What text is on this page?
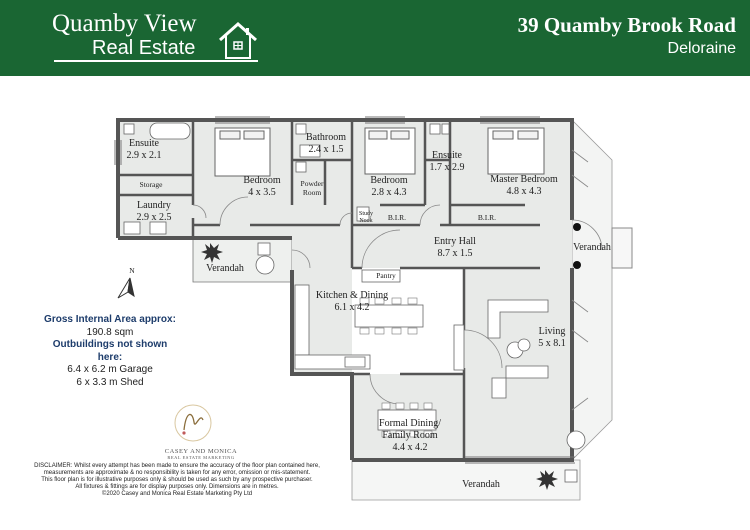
Quamby View
Real Estate
39 Quamby Brook Road
Deloraine
Ensuite
2.9 x 2.1
Bedroom
4 x 3.5
Bathroom
2.4 x 1.5
Powder
Room
Storage
Laundry
2.9 x 2.5
Bedroom
2.8 x 4.3
Study
Nook B.I.R.
Ensuite
1.7 x 2.9
Master Bedroom
4.8 x 4.3
B.I.R.
Entry Hall
8.7 x 1.5
Verandah
Verandah
Pantry
Kitchen & Dining
6.1 x 4.2
Living
5 x 8.1
Formal Dining/
Family Room
4.4 x 4.2
Verandah
N
Gross Internal Area approx:
190.8 sqm
Outbuildings not shown here:
6.4 x 6.2 m Garage
6 x 3.3 m Shed
CASEY AND MONICA
REAL ESTATE MARKETING
DISCLAIMER: Whilst every attempt has been made to ensure the accuracy of the floor plan contained here,
measurements are approximate & no responsibility is taken for any error, omission or mis-statement.
This floor plan is for illustrative purposes only & should be used as such by any prospective purchaser.
All fixtures & fittings are for display purposes only. Dimensions are in metres.
©2020 Casey and Monica Real Estate Marketing Pty Ltd
